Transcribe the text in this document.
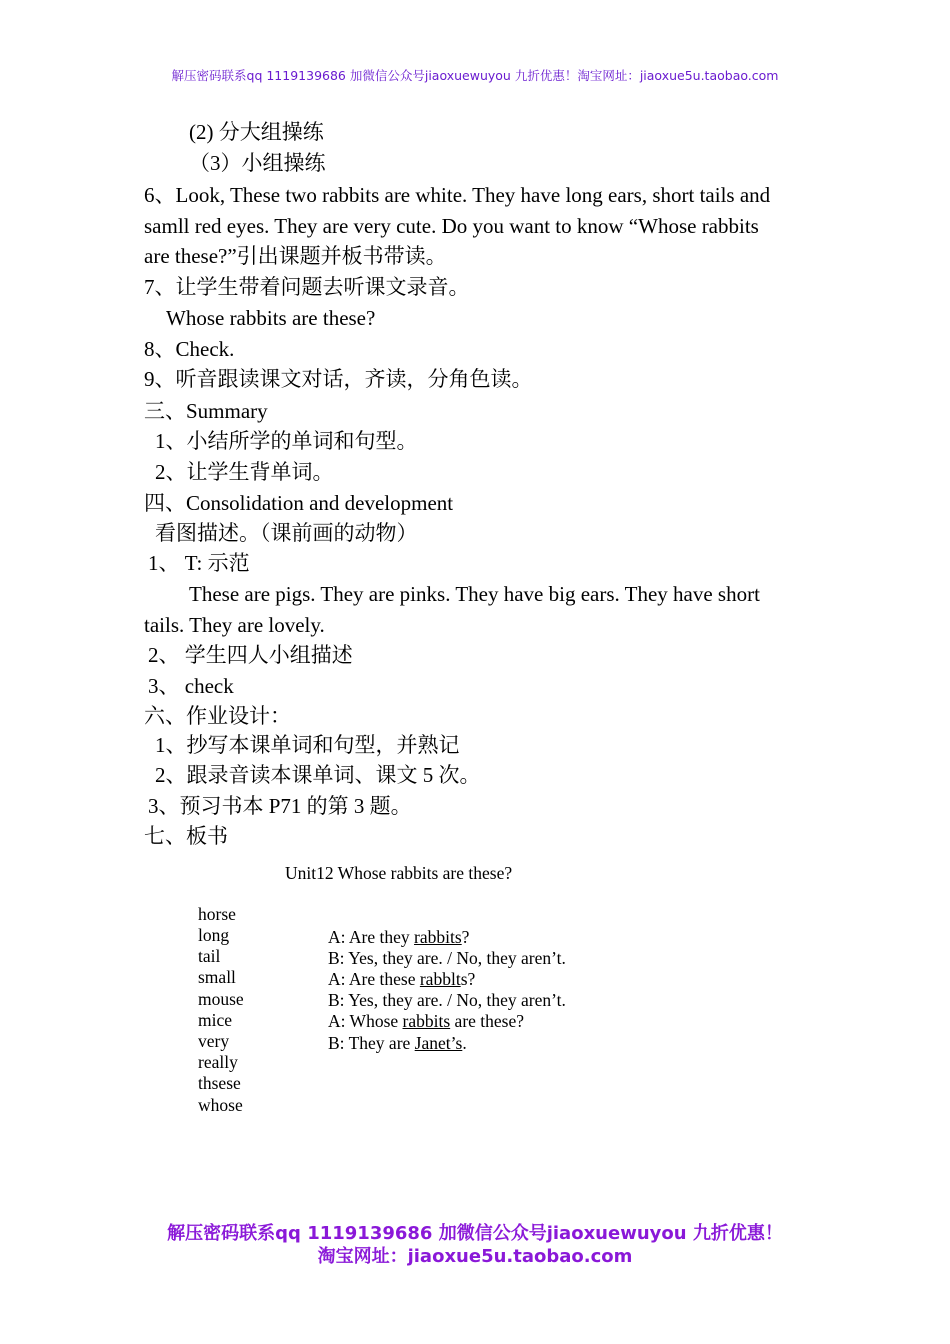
解压密码联系qq 1119139686 加微信公众号jiaoxuewuyou 九折优惠！淘宝网址：jiaoxue5u.taobao.com
(2) 分大组操练
（3）小组操练
6、Look, These two rabbits are white. They have long ears, short tails and
samll red eyes. They are very cute. Do you want to know “Whose rabbits
are these?”引出课题并板书带读。
7、让学生带着问题去听课文录音。
Whose rabbits are these?
8、Check.
9、听音跟读课文对话，齐读，分角色读。
三、Summary
1、小结所学的单词和句型。
2、让学生背单词。
四、Consolidation and development
看图描述。（课前画的动物）
1、 T: 示范
These are pigs. They are pinks. They have big ears. They have short
tails. They are lovely.
2、 学生四人小组描述
3、 check
六、作业设计：
1、抄写本课单词和句型，并熟记
2、跟录音读本课单词、课文 5 次。
3、预习书本 P71 的第 3 题。
七、板书
Unit12 Whose rabbits are these?
horse
long
tail
small
mouse
mice
very
really
thsese
whose
A: Are they rabbits?
B: Yes, they are. / No, they aren’t.
A: Are these rabblts?
B: Yes, they are. / No, they aren’t.
A: Whose rabbits are these?
B: They are Janet’s.
解压密码联系qq 1119139686 加微信公众号jiaoxuewuyou 九折优惠！
淘宝网址：jiaoxue5u.taobao.com
